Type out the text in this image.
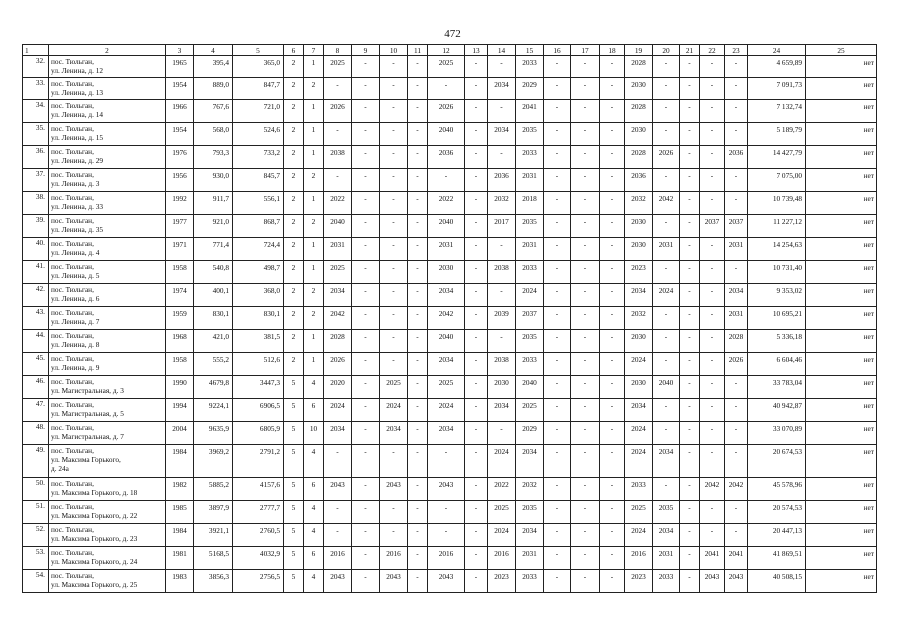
472
1	2	3	4	5	6	7	8	9	10	11	12	13	14	15	16	17	18	19	20	21	22	23	24	25
32.	пос. Тюльган,
ул. Ленина, д. 12	1965	395,4	365,0	2	1	2025	-	-	-	2025	-	-	2033	-	-	-	2028	-	-	-	-	4 659,89	нет
33.	пос. Тюльган,
ул. Ленина, д. 13	1954	889,0	847,7	2	2	-	-	-	-	-	-	2034	2029	-	-	-	2030	-	-	-	-	7 091,73	нет
34.	пос. Тюльган,
ул. Ленина, д. 14	1966	767,6	721,0	2	1	2026	-	-	-	2026	-	-	2041	-	-	-	2028	-	-	-	-	7 132,74	нет
35.	пос. Тюльган,
ул. Ленина, д. 15	1954	568,0	524,6	2	1	-	-	-	-	2040	-	2034	2035	-	-	-	2030	-	-	-	-	5 189,79	нет
36.	пос. Тюльган,
ул. Ленина, д. 29	1976	793,3	733,2	2	1	2038	-	-	-	2036	-	-	2033	-	-	-	2028	2026	-	-	2036	14 427,79	нет
37.	пос. Тюльган,
ул. Ленина, д. 3	1956	930,0	845,7	2	2	-	-	-	-	-	-	2036	2031	-	-	-	2036	-	-	-	-	7 075,00	нет
38.	пос. Тюльган,
ул. Ленина, д. 33	1992	911,7	556,1	2	1	2022	-	-	-	2022	-	2032	2018	-	-	-	2032	2042	-	-	-	10 739,48	нет
39.	пос. Тюльган,
ул. Ленина, д. 35	1977	921,0	868,7	2	2	2040	-	-	-	2040	-	2017	2035	-	-	-	2030	-	-	2037	2037	11 227,12	нет
40.	пос. Тюльган,
ул. Ленина, д. 4	1971	771,4	724,4	2	1	2031	-	-	-	2031	-	-	2031	-	-	-	2030	2031	-	-	2031	14 254,63	нет
41.	пос. Тюльган,
ул. Ленина, д. 5	1958	540,8	498,7	2	1	2025	-	-	-	2030	-	2038	2033	-	-	-	2023	-	-	-	-	10 731,40	нет
42.	пос. Тюльган,
ул. Ленина, д. 6	1974	400,1	368,0	2	2	2034	-	-	-	2034	-	-	2024	-	-	-	2034	2024	-	-	2034	9 353,02	нет
43.	пос. Тюльган,
ул. Ленина, д. 7	1959	830,1	830,1	2	2	2042	-	-	-	2042	-	2039	2037	-	-	-	2032	-	-	-	2031	10 695,21	нет
44.	пос. Тюльган,
ул. Ленина, д. 8	1968	421,0	381,5	2	1	2028	-	-	-	2040	-	-	2035	-	-	-	2030	-	-	-	2028	5 336,18	нет
45.	пос. Тюльган,
ул. Ленина, д. 9	1958	555,2	512,6	2	1	2026	-	-	-	2034	-	2038	2033	-	-	-	2024	-	-	-	2026	6 604,46	нет
46.	пос. Тюльган,
ул. Магистральная, д. 3	1990	4679,8	3447,3	5	4	2020	-	2025	-	2025	-	2030	2040	-	-	-	2030	2040	-	-	-	33 783,04	нет
47.	пос. Тюльган,
ул. Магистральная, д. 5	1994	9224,1	6906,5	5	6	2024	-	2024	-	2024	-	2034	2025	-	-	-	2034	-	-	-	-	40 942,87	нет
48.	пос. Тюльган,
ул. Магистральная, д. 7	2004	9635,9	6805,9	5	10	2034	-	2034	-	2034	-	-	2029	-	-	-	2024	-	-	-	-	33 070,89	нет
49.	пос. Тюльган,
ул. Максима Горького,
д. 24а	1984	3969,2	2791,2	5	4	-	-	-	-	-	-	2024	2034	-	-	-	2024	2034	-	-	-	20 674,53	нет
50.	пос. Тюльган,
ул. Максима Горького, д. 18	1982	5885,2	4157,6	5	6	2043	-	2043	-	2043	-	2022	2032	-	-	-	2033	-	-	2042	2042	45 578,96	нет
51.	пос. Тюльган,
ул. Максима Горького, д. 22	1985	3897,9	2777,7	5	4	-	-	-	-	-	-	2025	2035	-	-	-	2025	2035	-	-	-	20 574,53	нет
52.	пос. Тюльган,
ул. Максима Горького, д. 23	1984	3921,1	2760,5	5	4	-	-	-	-	-	-	2024	2034	-	-	-	2024	2034	-	-	-	20 447,13	нет
53.	пос. Тюльган,
ул. Максима Горького, д. 24	1981	5168,5	4032,9	5	6	2016	-	2016	-	2016	-	2016	2031	-	-	-	2016	2031	-	2041	2041	41 869,51	нет
54.	пос. Тюльган,
ул. Максима Горького, д. 25	1983	3856,3	2756,5	5	4	2043	-	2043	-	2043	-	2023	2033	-	-	-	2023	2033	-	2043	2043	40 508,15	нет
